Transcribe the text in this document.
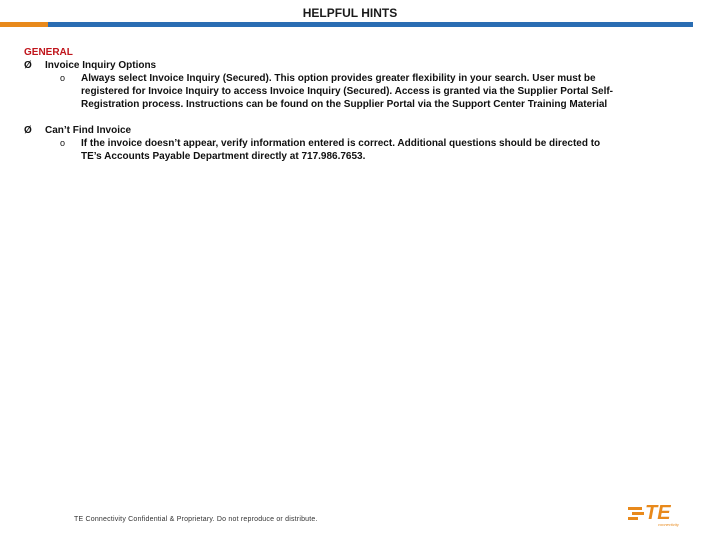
HELPFUL HINTS
GENERAL
Ø	Invoice Inquiry Options
o Always select Invoice Inquiry (Secured). This option provides greater flexibility in your search. User must be
registered for Invoice Inquiry to access Invoice Inquiry (Secured). Access is granted via the Supplier Portal Self-
Registration process. Instructions can be found on the Supplier Portal via the Support Center Training Material
Ø	Can’t Find Invoice
o If the invoice doesn’t appear, verify information entered is correct. Additional questions should be directed to
TE’s Accounts Payable Department directly at 717.986.7653.
TE Connectivity Confidential & Proprietary. Do not reproduce or distribute.	TE
connectivity
